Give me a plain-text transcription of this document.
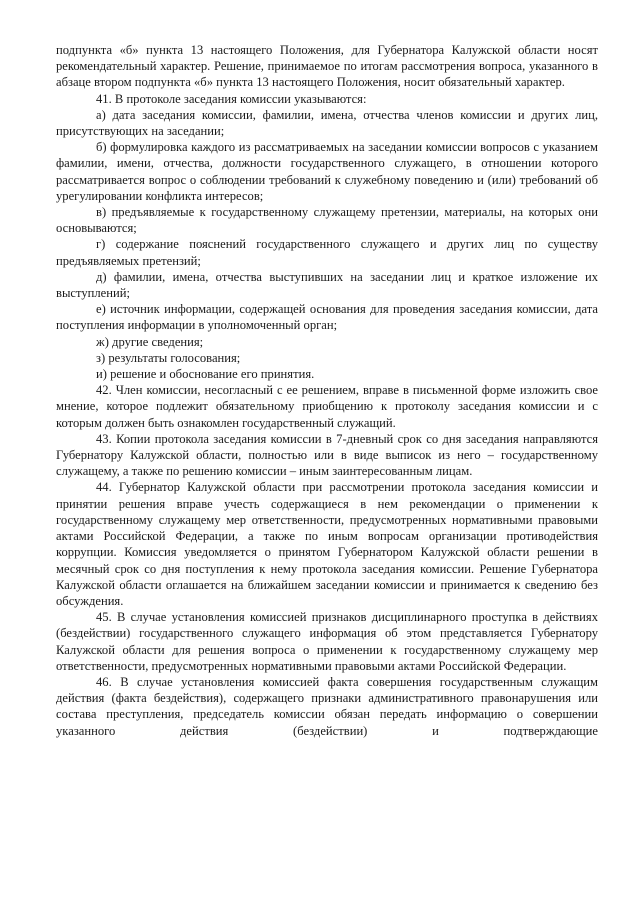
подпункта «б» пункта 13 настоящего Положения, для Губернатора Калужской области носят рекомендательный характер. Решение, принимаемое по итогам рассмотрения вопроса, указанного в абзаце втором подпункта «б» пункта 13 настоящего Положения, носит обязательный характер.

41. В протоколе заседания комиссии указываются:

а) дата заседания комиссии, фамилии, имена, отчества членов комиссии и других лиц, присутствующих на заседании;

б) формулировка каждого из рассматриваемых на заседании комиссии вопросов с указанием фамилии, имени, отчества, должности государственного служащего, в отношении которого рассматривается вопрос о соблюдении требований к служебному поведению и (или) требований об урегулировании конфликта интересов;

в) предъявляемые к государственному служащему претензии, материалы, на которых они основываются;

г) содержание пояснений государственного служащего и других лиц по существу предъявляемых претензий;

д) фамилии, имена, отчества выступивших на заседании лиц и краткое изложение их выступлений;

е) источник информации, содержащей основания для проведения заседания комиссии, дата поступления информации в уполномоченный орган;

ж) другие сведения;

з) результаты голосования;

и) решение и обоснование его принятия.

42. Член комиссии, несогласный с ее решением, вправе в письменной форме изложить свое мнение, которое подлежит обязательному приобщению к протоколу заседания комиссии и с которым должен быть ознакомлен государственный служащий.

43. Копии протокола заседания комиссии в 7-дневный срок со дня заседания направляются Губернатору Калужской области, полностью или в виде выписок из него – государственному служащему, а также по решению комиссии – иным заинтересованным лицам.

44. Губернатор Калужской области при рассмотрении протокола заседания комиссии и принятии решения вправе учесть содержащиеся в нем рекомендации о применении к государственному служащему мер ответственности, предусмотренных нормативными правовыми актами Российской Федерации, а также по иным вопросам организации противодействия коррупции. Комиссия уведомляется о принятом Губернатором Калужской области решении в месячный срок со дня поступления к нему протокола заседания комиссии. Решение Губернатора Калужской области оглашается на ближайшем заседании комиссии и принимается к сведению без обсуждения.

45. В случае установления комиссией признаков дисциплинарного проступка в действиях (бездействии) государственного служащего информация об этом представляется Губернатору Калужской области для решения вопроса о применении к государственному служащему мер ответственности, предусмотренных нормативными правовыми актами Российской Федерации.

46. В случае установления комиссией факта совершения государственным служащим действия (факта бездействия), содержащего признаки административного правонарушения или состава преступления, председатель комиссии обязан передать информацию о совершении указанного действия (бездействии) и подтверждающие
